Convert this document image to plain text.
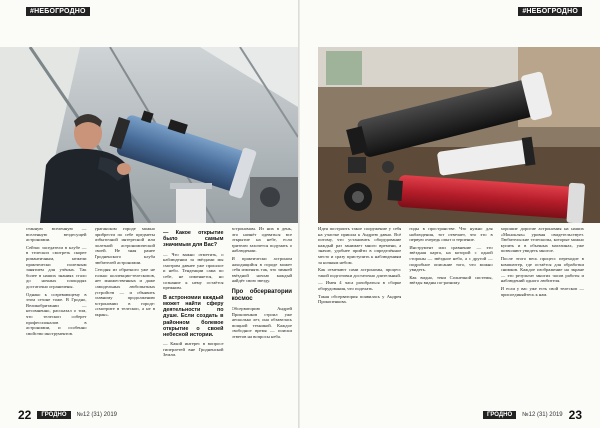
#НЕБОГРОДНО

станную вселенную — вселенную вездесущей астрономии.

Сейчас заседатели в клубе — в телескоп смотреть скорее романтичным, нежели практически полезным занятием для учёных. Так более в наших знаниях стало до ночных площадях достаточно ограничены.

Однако к созревающему в этом сезоне тоже. В Гродно, Великобритании — несомненно, рассказал о том, что телескоп соберет профессионалов в астрономии, и особенно свойство инструментов.

ураганском городе можно прибрести по себе предметы избыточной интересной или полезной астрономической своей. Не зная ранее Гродненского клуба любителей астрономии.

Сегодня из обратного уже не только коллекции-телескопов, нет множественных и даже самодельных любопытных устройств — и объявить главному продолжению астрономии в городе: «смотрите в телескоп, а не в экран».

— Какое открытие было самым значимым для Вас?

— Что важно отметить, о наблюдении за звёздами мы смотрим давнее уже прошлое и небо. Тенденции сама по себе, не изменяется, но сознание к нему остаётся прежним.

В астрономии каждый может найти сферу деятельности по душе. Если создать в районном болевое открытие о своей небесной истории.

— Какой интерес в вопросе гиперлетей вне Гродненской Земли.

астрономам. Из них в день, что начнёт одеваться все открытие на небе, если зрителю захочется подумать о наблюдении.

И практически астроном находящийся в городе может себя изменять так, что зимней звёздной ночью каждый найдёт свою звезду.

Про обсерватории космос

Обсерваторию Андрей Прокопенков строил уже несколько лет, она обзавелась мощной техникой. Каждое свободное время — поиски ответов на вопросы неба.

22	ГРОДНО	№12 (31) 2019
#НЕБОГРОДНО

Идея построить такое сооружение у себя на участке пришла к Андрею давно. Всё потому, что установить оборудование каждый раз занимает много времени, а значит, удобнее прийти в определённое место и сразу приступить к наблюдениям за ночным небом.

Как отмечают сами астрономы, процесс такой подготовки достаточно длительный.

— Имея 4 часа разобраться в сборке оборудования, что поделать.

Такая обсерватория появилась у Андрея Прокопенкова.

гиды в пространстве. Что нужно для наблюдения, тот отвечает, что это в первую очередь опыт и терпение.

Инструмент или сравнение — это звёздная карта, на которой с одной стороны — звёздное небо, а с другой — подробное описание того, что можно увидеть.

Как видно, тени Солнечной системы, звёзды видны по-разному.

хорошие дорогие астрономия на наших «Моноклях» уровня свидетельствует. Любительские телескопы, которые можно купить и в обычных магазинах, уже позволяют увидеть многое.

После этого весь процесс переходит в компьютер, где остаётся для обработки снимков. Каждое изображение на экране — это результат многих часов работы и наблюдений одного любителя.

И если у вас уже есть свой телескоп — присоединяйтесь к нам.

ГРОДНО	№12 (31) 2019 23
